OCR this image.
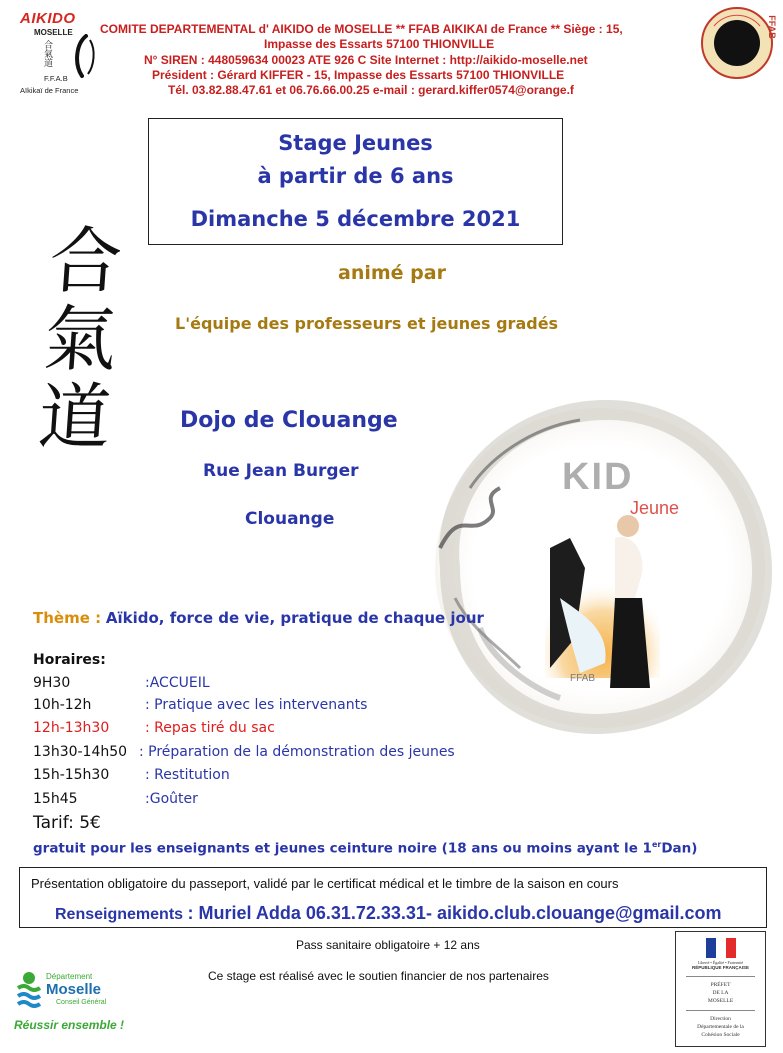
AIKIDO
MOSELLE
合
氣
道
F.F.A.B
Aïkikaï de France
COMITE DEPARTEMENTAL d' AIKIDO de MOSELLE ** FFAB AIKIKAI de France ** Siège : 15,
Impasse des Essarts 57100 THIONVILLE
N° SIREN : 448059634 00023 ATE 926 C Site Internet : http://aikido-moselle.net
Président : Gérard KIFFER - 15, Impasse des Essarts 57100 THIONVILLE
Tél. 03.82.88.47.61 et 06.76.66.00.25 e-mail : gerard.kiffer0574@orange.f
FFAB
Stage Jeunes
à partir de 6 ans
Dimanche 5 décembre 2021
合
氣
道
animé par
L'équipe des professeurs et jeunes gradés
Dojo de Clouange
Rue Jean Burger
Clouange
KID
Jeune
FFAB
Thème : Aïkido, force de vie, pratique de chaque jour
Horaires:
9H30	:ACCUEIL
10h-12h	: Pratique avec les intervenants
12h-13h30	: Repas tiré du sac
13h30-14h50 : Préparation de la démonstration des jeunes
15h-15h30	: Restitution
15h45	:Goûter
Tarif: 5€
gratuit pour les enseignants et jeunes ceinture noire (18 ans ou moins ayant le 1erDan)
Présentation obligatoire du passeport, validé par le certificat médical et le timbre de la saison en cours
Renseignements : Muriel Adda 06.31.72.33.31- aikido.club.clouange@gmail.com
Pass sanitaire obligatoire + 12 ans
Ce stage est réalisé avec le soutien financier de nos partenaires
Département
Moselle
Conseil Général
Réussir ensemble !
Liberté • Égalité • Fraternité
RÉPUBLIQUE FRANÇAISE
PRÉFET
DE LA
MOSELLE
Direction
Départementale de la
Cohésion Sociale
